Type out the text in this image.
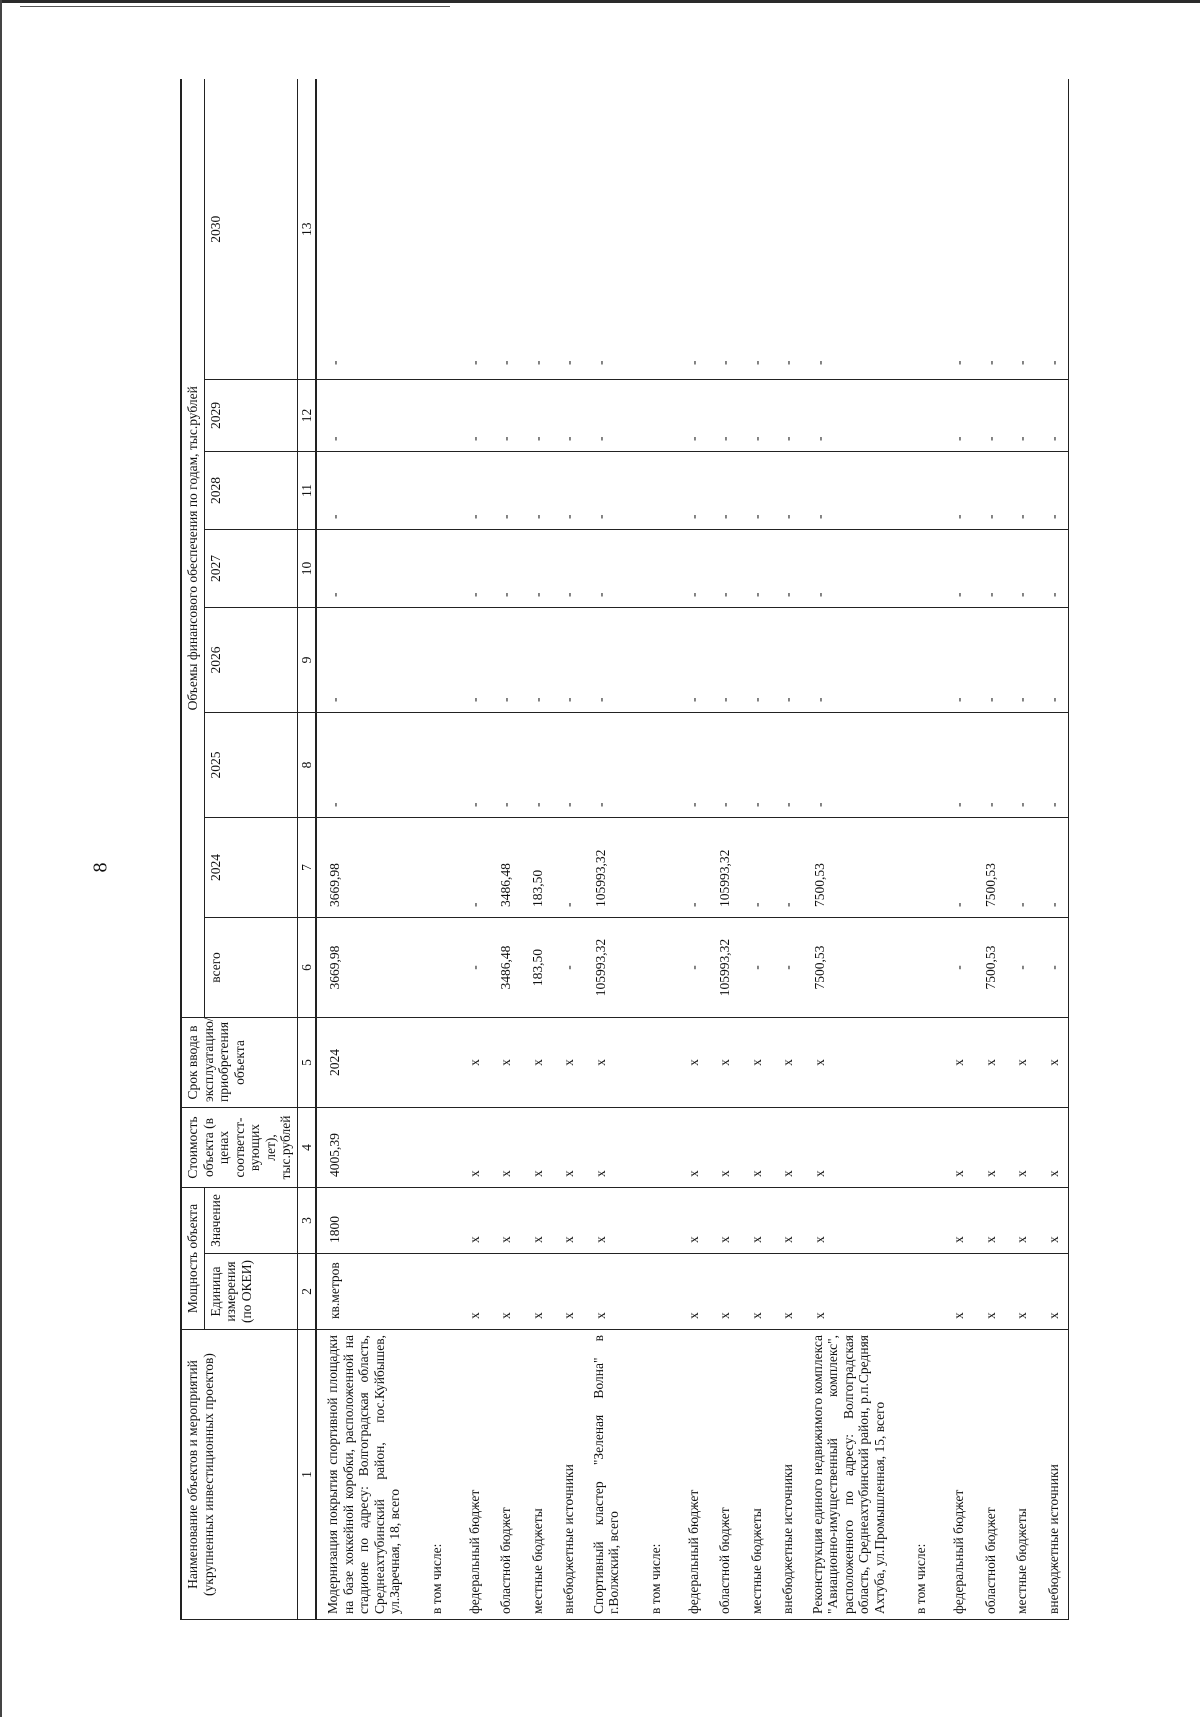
8
Наименование объектов и мероприятий (укрупненных инвестиционных проектов)	Мощность объекта		Стоимость объекта (в ценах соответст-вующих лет), тыс.рублей	Срок ввода в эксплуатацию/ приобретения объекта	Объемы финансового обеспечения по годам, тыс.рублей							
	Единица измерения (по ОКЕИ)	Значение			всего	2024	2025	2026	2027	2028	2029	2030

1	2	3	4	5	6	7	8	9	10	11	12	13
Модернизация покрытия спортивной площадки на базе хоккейной коробки, расположенной на стадионе по адресу: Волгоградская область, Среднеахтубинский район, пос.Куйбышев, ул.Заречная, 18, всего	кв.метров	1800	4005,39	2024	3669,98	3669,98	-	-	-	-	-	-
в том числе:												
федеральный бюджет	х	х	х	х	-	-	-	-	-	-	-	-
областной бюджет	х	х	х	х	3486,48	3486,48	-	-	-	-	-	-
местные бюджеты	х	х	х	х	183,50	183,50	-	-	-	-	-	-
внебюджетные источники	х	х	х	х	-	-	-	-	-	-	-	-
Спортивный кластер "Зеленая Волна" в г.Волжский, всего	х	х	х	х	105993,32	105993,32	-	-	-	-	-	-
в том числе:												
федеральный бюджет	х	х	х	х	-	-	-	-	-	-	-	-
областной бюджет	х	х	х	х	105993,32	105993,32	-	-	-	-	-	-
местные бюджеты	х	х	х	х	-	-	-	-	-	-	-	-
внебюджетные источники	х	х	х	х	-	-	-	-	-	-	-	-
Реконструкция единого недвижимого комплекса "Авиационно-имущественный комплекс", расположенного по адресу: Волгоградская область, Среднеахтубинский район, р.п.Средняя Ахтуба, ул.Промышленная, 15, всего	х	х	х	х	7500,53	7500,53	-	-	-	-	-	-
в том числе:												
федеральный бюджет	х	х	х	х	-	-	-	-	-	-	-	-
областной бюджет	х	х	х	х	7500,53	7500,53	-	-	-	-	-	-
местные бюджеты	х	х	х	х	-	-	-	-	-	-	-	-
внебюджетные источники	х	х	х	х	-	-	-	-	-	-	-	-
